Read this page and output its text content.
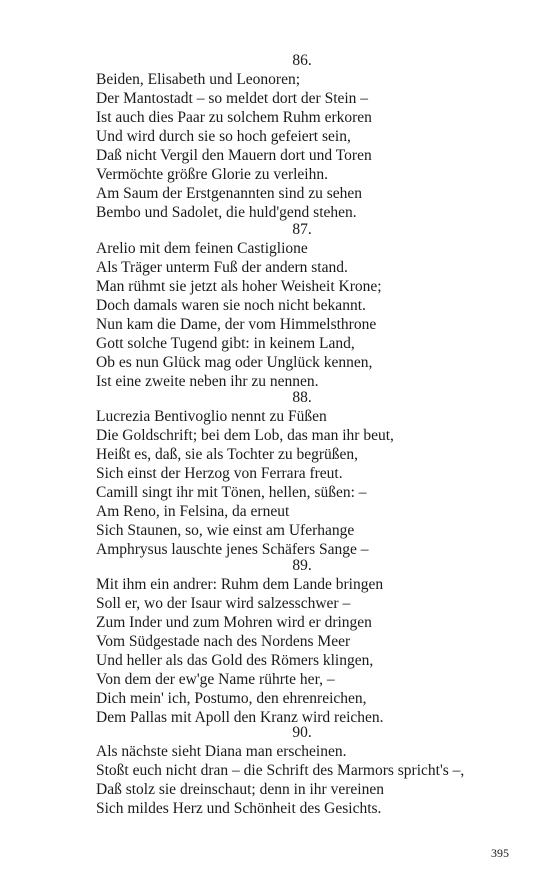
86.
Beiden, Elisabeth und Leonoren;
Der Mantostadt – so meldet dort der Stein –
Ist auch dies Paar zu solchem Ruhm erkoren
Und wird durch sie so hoch gefeiert sein,
Daß nicht Vergil den Mauern dort und Toren
Vermöchte größre Glorie zu verleihn.
Am Saum der Erstgenannten sind zu sehen
Bembo und Sadolet, die huld'gend stehen.
87.
Arelio mit dem feinen Castiglione
Als Träger unterm Fuß der andern stand.
Man rühmt sie jetzt als hoher Weisheit Krone;
Doch damals waren sie noch nicht bekannt.
Nun kam die Dame, der vom Himmelsthrone
Gott solche Tugend gibt: in keinem Land,
Ob es nun Glück mag oder Unglück kennen,
Ist eine zweite neben ihr zu nennen.
88.
Lucrezia Bentivoglio nennt zu Füßen
Die Goldschrift; bei dem Lob, das man ihr beut,
Heißt es, daß, sie als Tochter zu begrüßen,
Sich einst der Herzog von Ferrara freut.
Camill singt ihr mit Tönen, hellen, süßen: –
Am Reno, in Felsina, da erneut
Sich Staunen, so, wie einst am Uferhange
Amphrysus lauschte jenes Schäfers Sange –
89.
Mit ihm ein andrer: Ruhm dem Lande bringen
Soll er, wo der Isaur wird salzesschwer –
Zum Inder und zum Mohren wird er dringen
Vom Südgestade nach des Nordens Meer
Und heller als das Gold des Römers klingen,
Von dem der ew'ge Name rührte her, –
Dich mein' ich, Postumo, den ehrenreichen,
Dem Pallas mit Apoll den Kranz wird reichen.
90.
Als nächste sieht Diana man erscheinen.
Stoßt euch nicht dran – die Schrift des Marmors spricht's –,
Daß stolz sie dreinschaut; denn in ihr vereinen
Sich mildes Herz und Schönheit des Gesichts.
395
